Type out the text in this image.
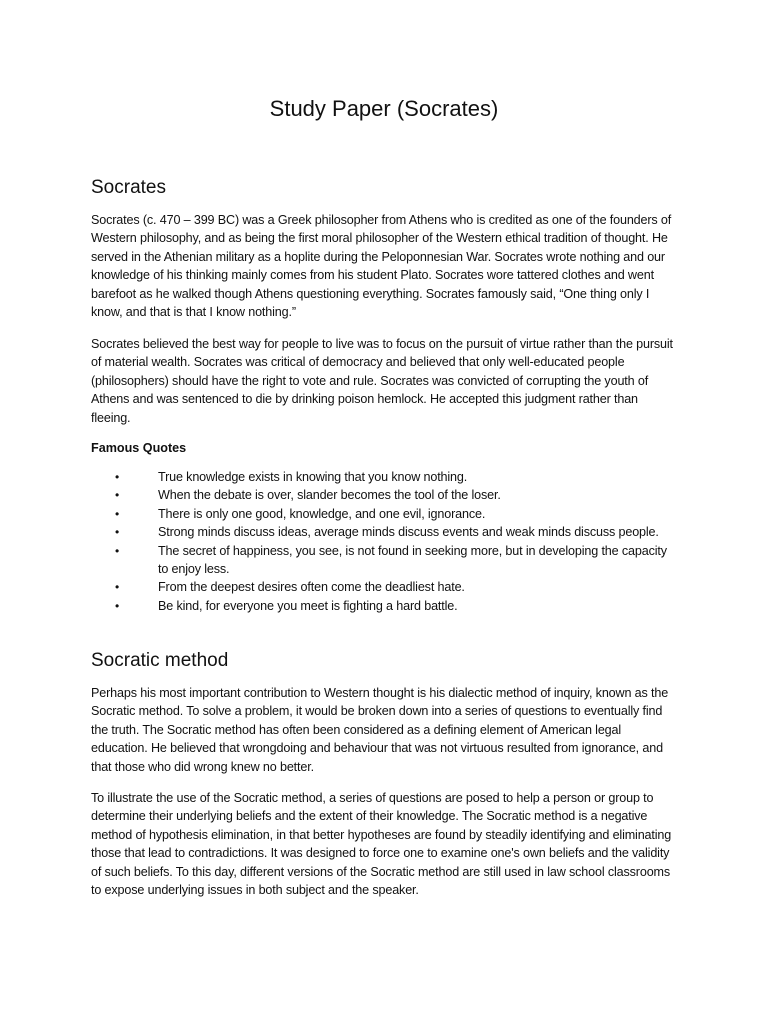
Study Paper (Socrates)
Socrates

Socrates (c. 470 – 399 BC) was a Greek philosopher from Athens who is credited as one of the founders of Western philosophy, and as being the first moral philosopher of the Western ethical tradition of thought. He served in the Athenian military as a hoplite during the Peloponnesian War. Socrates wrote nothing and our knowledge of his thinking mainly comes from his student Plato. Socrates wore tattered clothes and went barefoot as he walked though Athens questioning everything. Socrates famously said, “One thing only I know, and that is that I know nothing.”

Socrates believed the best way for people to live was to focus on the pursuit of virtue rather than the pursuit of material wealth. Socrates was critical of democracy and believed that only well-educated people (philosophers) should have the right to vote and rule. Socrates was convicted of corrupting the youth of Athens and was sentenced to die by drinking poison hemlock. He accepted this judgment rather than fleeing.

Famous Quotes

•	True knowledge exists in knowing that you know nothing.
•	When the debate is over, slander becomes the tool of the loser.
•	There is only one good, knowledge, and one evil, ignorance.
•	Strong minds discuss ideas, average minds discuss events and weak minds discuss people.
•	The secret of happiness, you see, is not found in seeking more, but in developing the capacity to enjoy less.
•	From the deepest desires often come the deadliest hate.
•	Be kind, for everyone you meet is fighting a hard battle.
Socratic method

Perhaps his most important contribution to Western thought is his dialectic method of inquiry, known as the Socratic method. To solve a problem, it would be broken down into a series of questions to eventually find the truth. The Socratic method has often been considered as a defining element of American legal education. He believed that wrongdoing and behaviour that was not virtuous resulted from ignorance, and that those who did wrong knew no better.

To illustrate the use of the Socratic method, a series of questions are posed to help a person or group to determine their underlying beliefs and the extent of their knowledge. The Socratic method is a negative method of hypothesis elimination, in that better hypotheses are found by steadily identifying and eliminating those that lead to contradictions. It was designed to force one to examine one's own beliefs and the validity of such beliefs. To this day, different versions of the Socratic method are still used in law school classrooms to expose underlying issues in both subject and the speaker.
